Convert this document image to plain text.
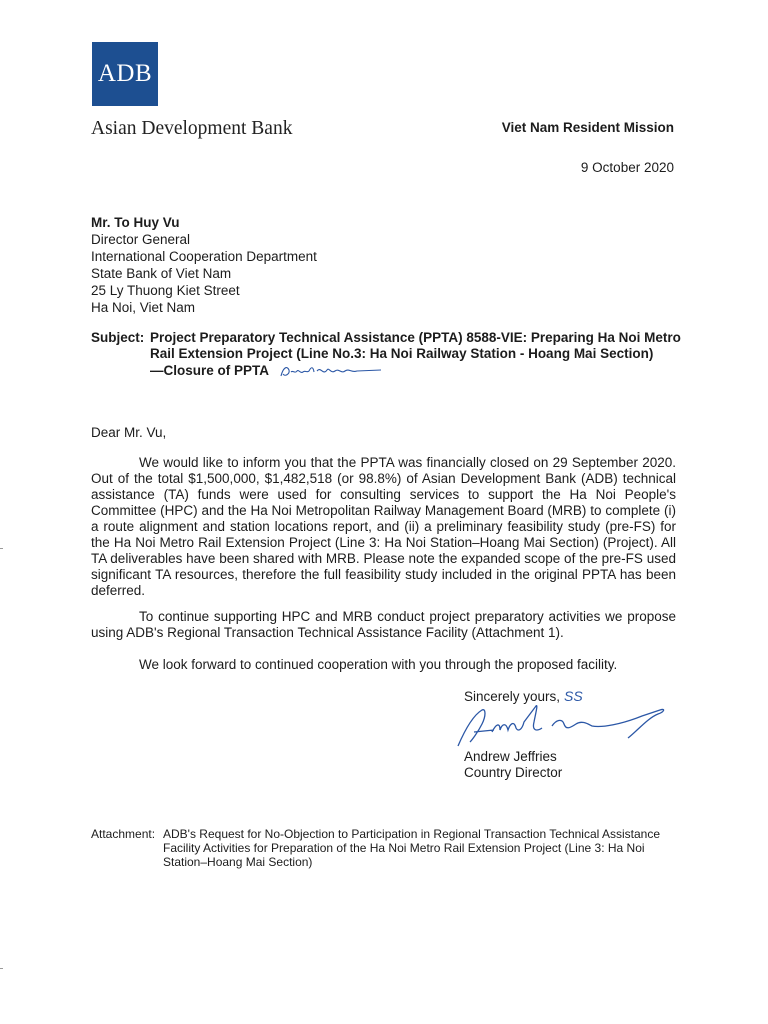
ADB
Asian Development Bank	Viet Nam Resident Mission
9 October 2020
Mr. To Huy Vu
Director General
International Cooperation Department
State Bank of Viet Nam
25 Ly Thuong Kiet Street
Ha Noi, Viet Nam
Subject: Project Preparatory Technical Assistance (PPTA) 8588-VIE: Preparing Ha Noi Metro Rail Extension Project (Line No.3: Ha Noi Railway Station - Hoang Mai Section)
—Closure of PPTA
Dear Mr. Vu,

We would like to inform you that the PPTA was financially closed on 29 September 2020. Out of the total $1,500,000, $1,482,518 (or 98.8%) of Asian Development Bank (ADB) technical assistance (TA) funds were used for consulting services to support the Ha Noi People's Committee (HPC) and the Ha Noi Metropolitan Railway Management Board (MRB) to complete (i) a route alignment and station locations report, and (ii) a preliminary feasibility study (pre-FS) for the Ha Noi Metro Rail Extension Project (Line 3: Ha Noi Station–Hoang Mai Section) (Project). All TA deliverables have been shared with MRB. Please note the expanded scope of the pre-FS used significant TA resources, therefore the full feasibility study included in the original PPTA has been deferred.

To continue supporting HPC and MRB conduct project preparatory activities we propose using ADB's Regional Transaction Technical Assistance Facility (Attachment 1).

We look forward to continued cooperation with you through the proposed facility.
Sincerely yours, SS
Andrew Jeffries
Country Director
Attachment: ADB's Request for No-Objection to Participation in Regional Transaction Technical Assistance Facility Activities for Preparation of the Ha Noi Metro Rail Extension Project (Line 3: Ha Noi Station–Hoang Mai Section)
